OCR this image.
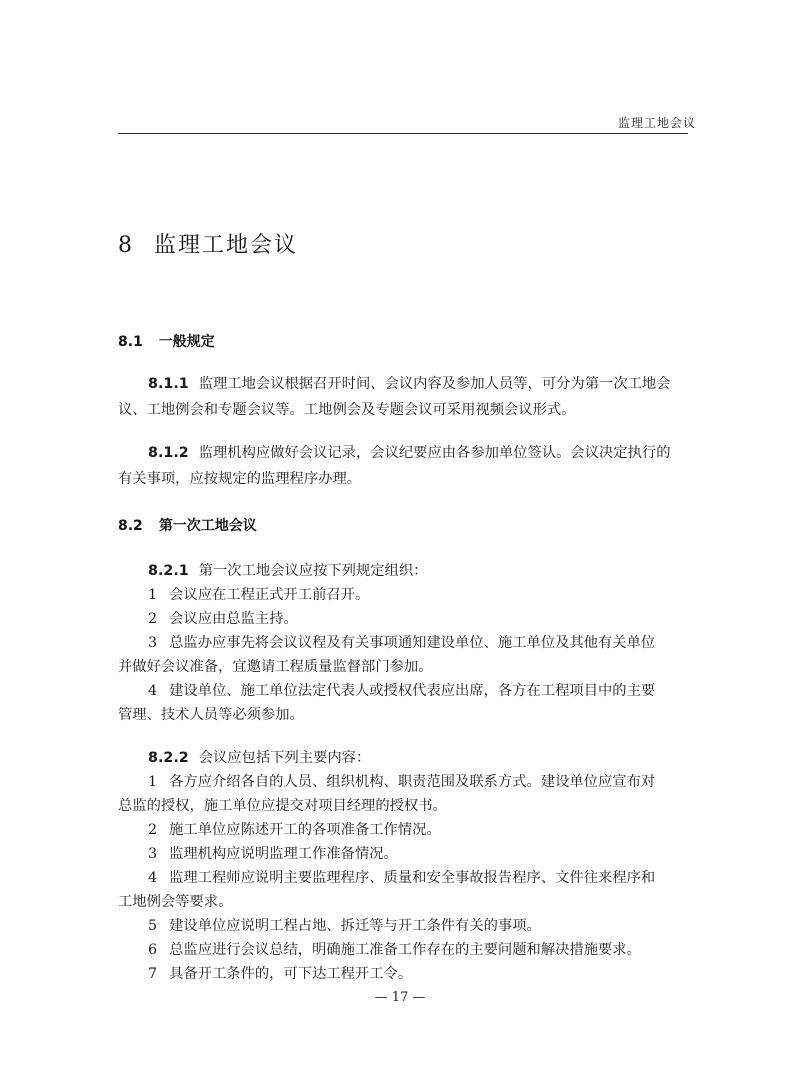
监理工地会议
8 监理工地会议
8.1 一般规定
8.1.1 监理工地会议根据召开时间、会议内容及参加人员等，可分为第一次工地会
议、工地例会和专题会议等。工地例会及专题会议可采用视频会议形式。
8.1.2 监理机构应做好会议记录，会议纪要应由各参加单位签认。会议决定执行的
有关事项，应按规定的监理程序办理。
8.2 第一次工地会议
8.2.1 第一次工地会议应按下列规定组织：
1 会议应在工程正式开工前召开。
2 会议应由总监主持。
3 总监办应事先将会议议程及有关事项通知建设单位、施工单位及其他有关单位
并做好会议准备，宜邀请工程质量监督部门参加。
4 建设单位、施工单位法定代表人或授权代表应出席，各方在工程项目中的主要
管理、技术人员等必须参加。
8.2.2 会议应包括下列主要内容：
1 各方应介绍各自的人员、组织机构、职责范围及联系方式。建设单位应宣布对
总监的授权，施工单位应提交对项目经理的授权书。
2 施工单位应陈述开工的各项准备工作情况。
3 监理机构应说明监理工作准备情况。
4 监理工程师应说明主要监理程序、质量和安全事故报告程序、文件往来程序和
工地例会等要求。
5 建设单位应说明工程占地、拆迁等与开工条件有关的事项。
6 总监应进行会议总结，明确施工准备工作存在的主要问题和解决措施要求。
7 具备开工条件的，可下达工程开工令。
— 17 —
